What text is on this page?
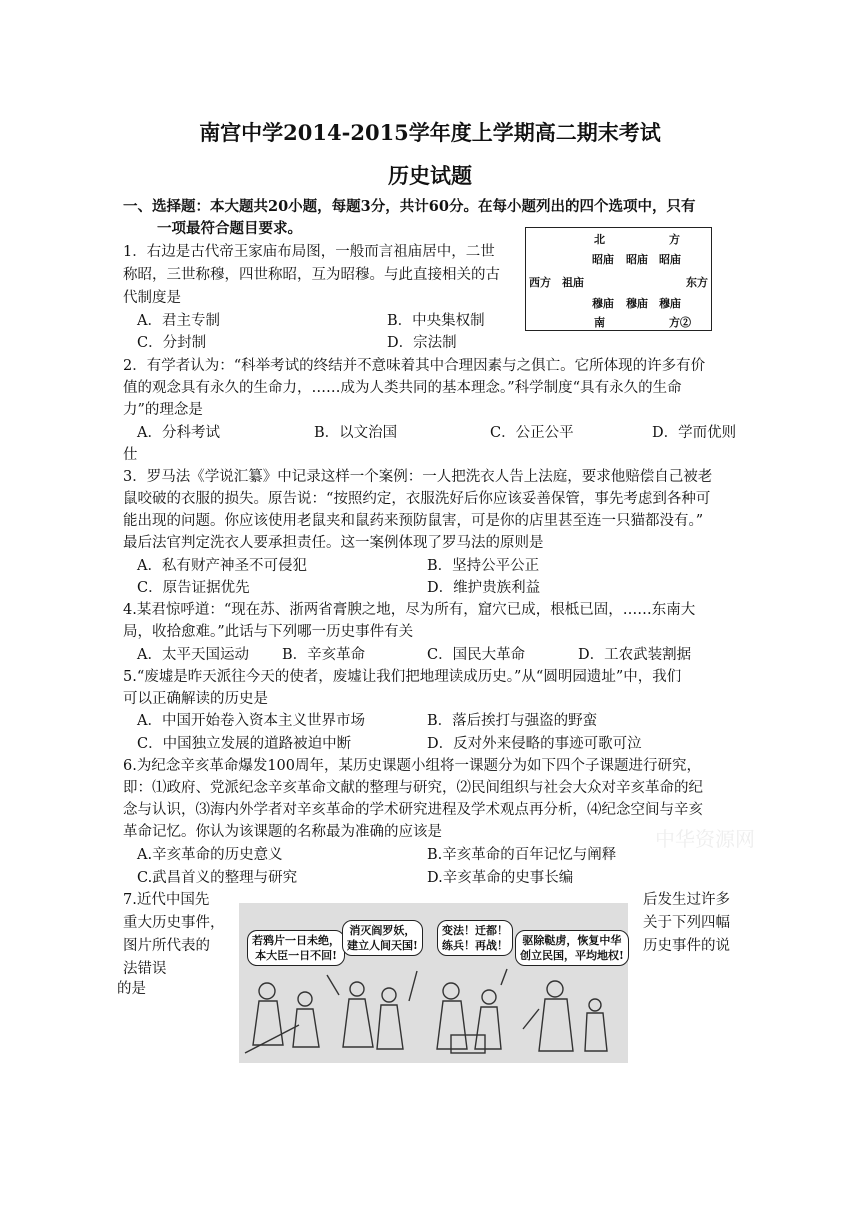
南宫中学2014-2015学年度上学期高二期末考试
历史试题
一、选择题：本大题共20小题，每题3分，共计60分。在每小题列出的四个选项中，只有
一项最符合题目要求。
1．右边是古代帝王家庙布局图，一般而言祖庙居中，二世
称昭，三世称穆，四世称昭，互为昭穆。与此直接相关的古
代制度是
A．君主专制	B．中央集权制
C．分封制	D．宗法制
北	方
昭庙 昭庙 昭庙
西方 祖庙	东方
穆庙 穆庙 穆庙
南	方②
2．有学者认为：“科举考试的终结并不意味着其中合理因素与之俱亡。它所体现的许多有价
值的观念具有永久的生命力，……成为人类共同的基本理念。”科学制度“具有永久的生命
力”的理念是
A．分科考试	B．以文治国	C．公正公平	D．学而优则
仕
3．罗马法《学说汇纂》中记录这样一个案例：一人把洗衣人告上法庭，要求他赔偿自己被老
鼠咬破的衣服的损失。原告说：“按照约定，衣服洗好后你应该妥善保管，事先考虑到各种可
能出现的问题。你应该使用老鼠夹和鼠药来预防鼠害，可是你的店里甚至连一只猫都没有。”
最后法官判定洗衣人要承担责任。这一案例体现了罗马法的原则是
A．私有财产神圣不可侵犯	B．坚持公平公正
C．原告证据优先	D．维护贵族利益
4.某君惊呼道：“现在苏、浙两省膏腴之地，尽为所有，窟穴已成，根柢已固，……东南大
局，收拾愈难。”此话与下列哪一历史事件有关
A．太平天国运动 B．辛亥革命	C．国民大革命	D．工农武装割据
5.“废墟是昨天派往今天的使者，废墟让我们把地理读成历史。”从“圆明园遗址”中，我们
可以正确解读的历史是
A．中国开始卷入资本主义世界市场	B．落后挨打与强盗的野蛮
C．中国独立发展的道路被迫中断	D．反对外来侵略的事迹可歌可泣
6.为纪念辛亥革命爆发100周年，某历史课题小组将一课题分为如下四个子课题进行研究，
即：⑴政府、党派纪念辛亥革命文献的整理与研究，⑵民间组织与社会大众对辛亥革命的纪
念与认识，⑶海内外学者对辛亥革命的学术研究进程及学术观点再分析，⑷纪念空间与辛亥
革命记忆。你认为该课题的名称最为准确的应该是
A.辛亥革命的历史意义	B.辛亥革命的百年记忆与阐释
C.武昌首义的整理与研究	D.辛亥革命的史事长编
中华资源网
7.近代中国先	后发生过许多
重大历史事件，	关于下列四幅
图片所代表的	历史事件的说
法错误
的是
若鸦片一日未绝，
本大臣一日不回!
消灭阎罗妖，
建立人间天国!
变法！迁都！
练兵！再战！ 驱除鞑虏，恢复中华
创立民国，平均地权!
